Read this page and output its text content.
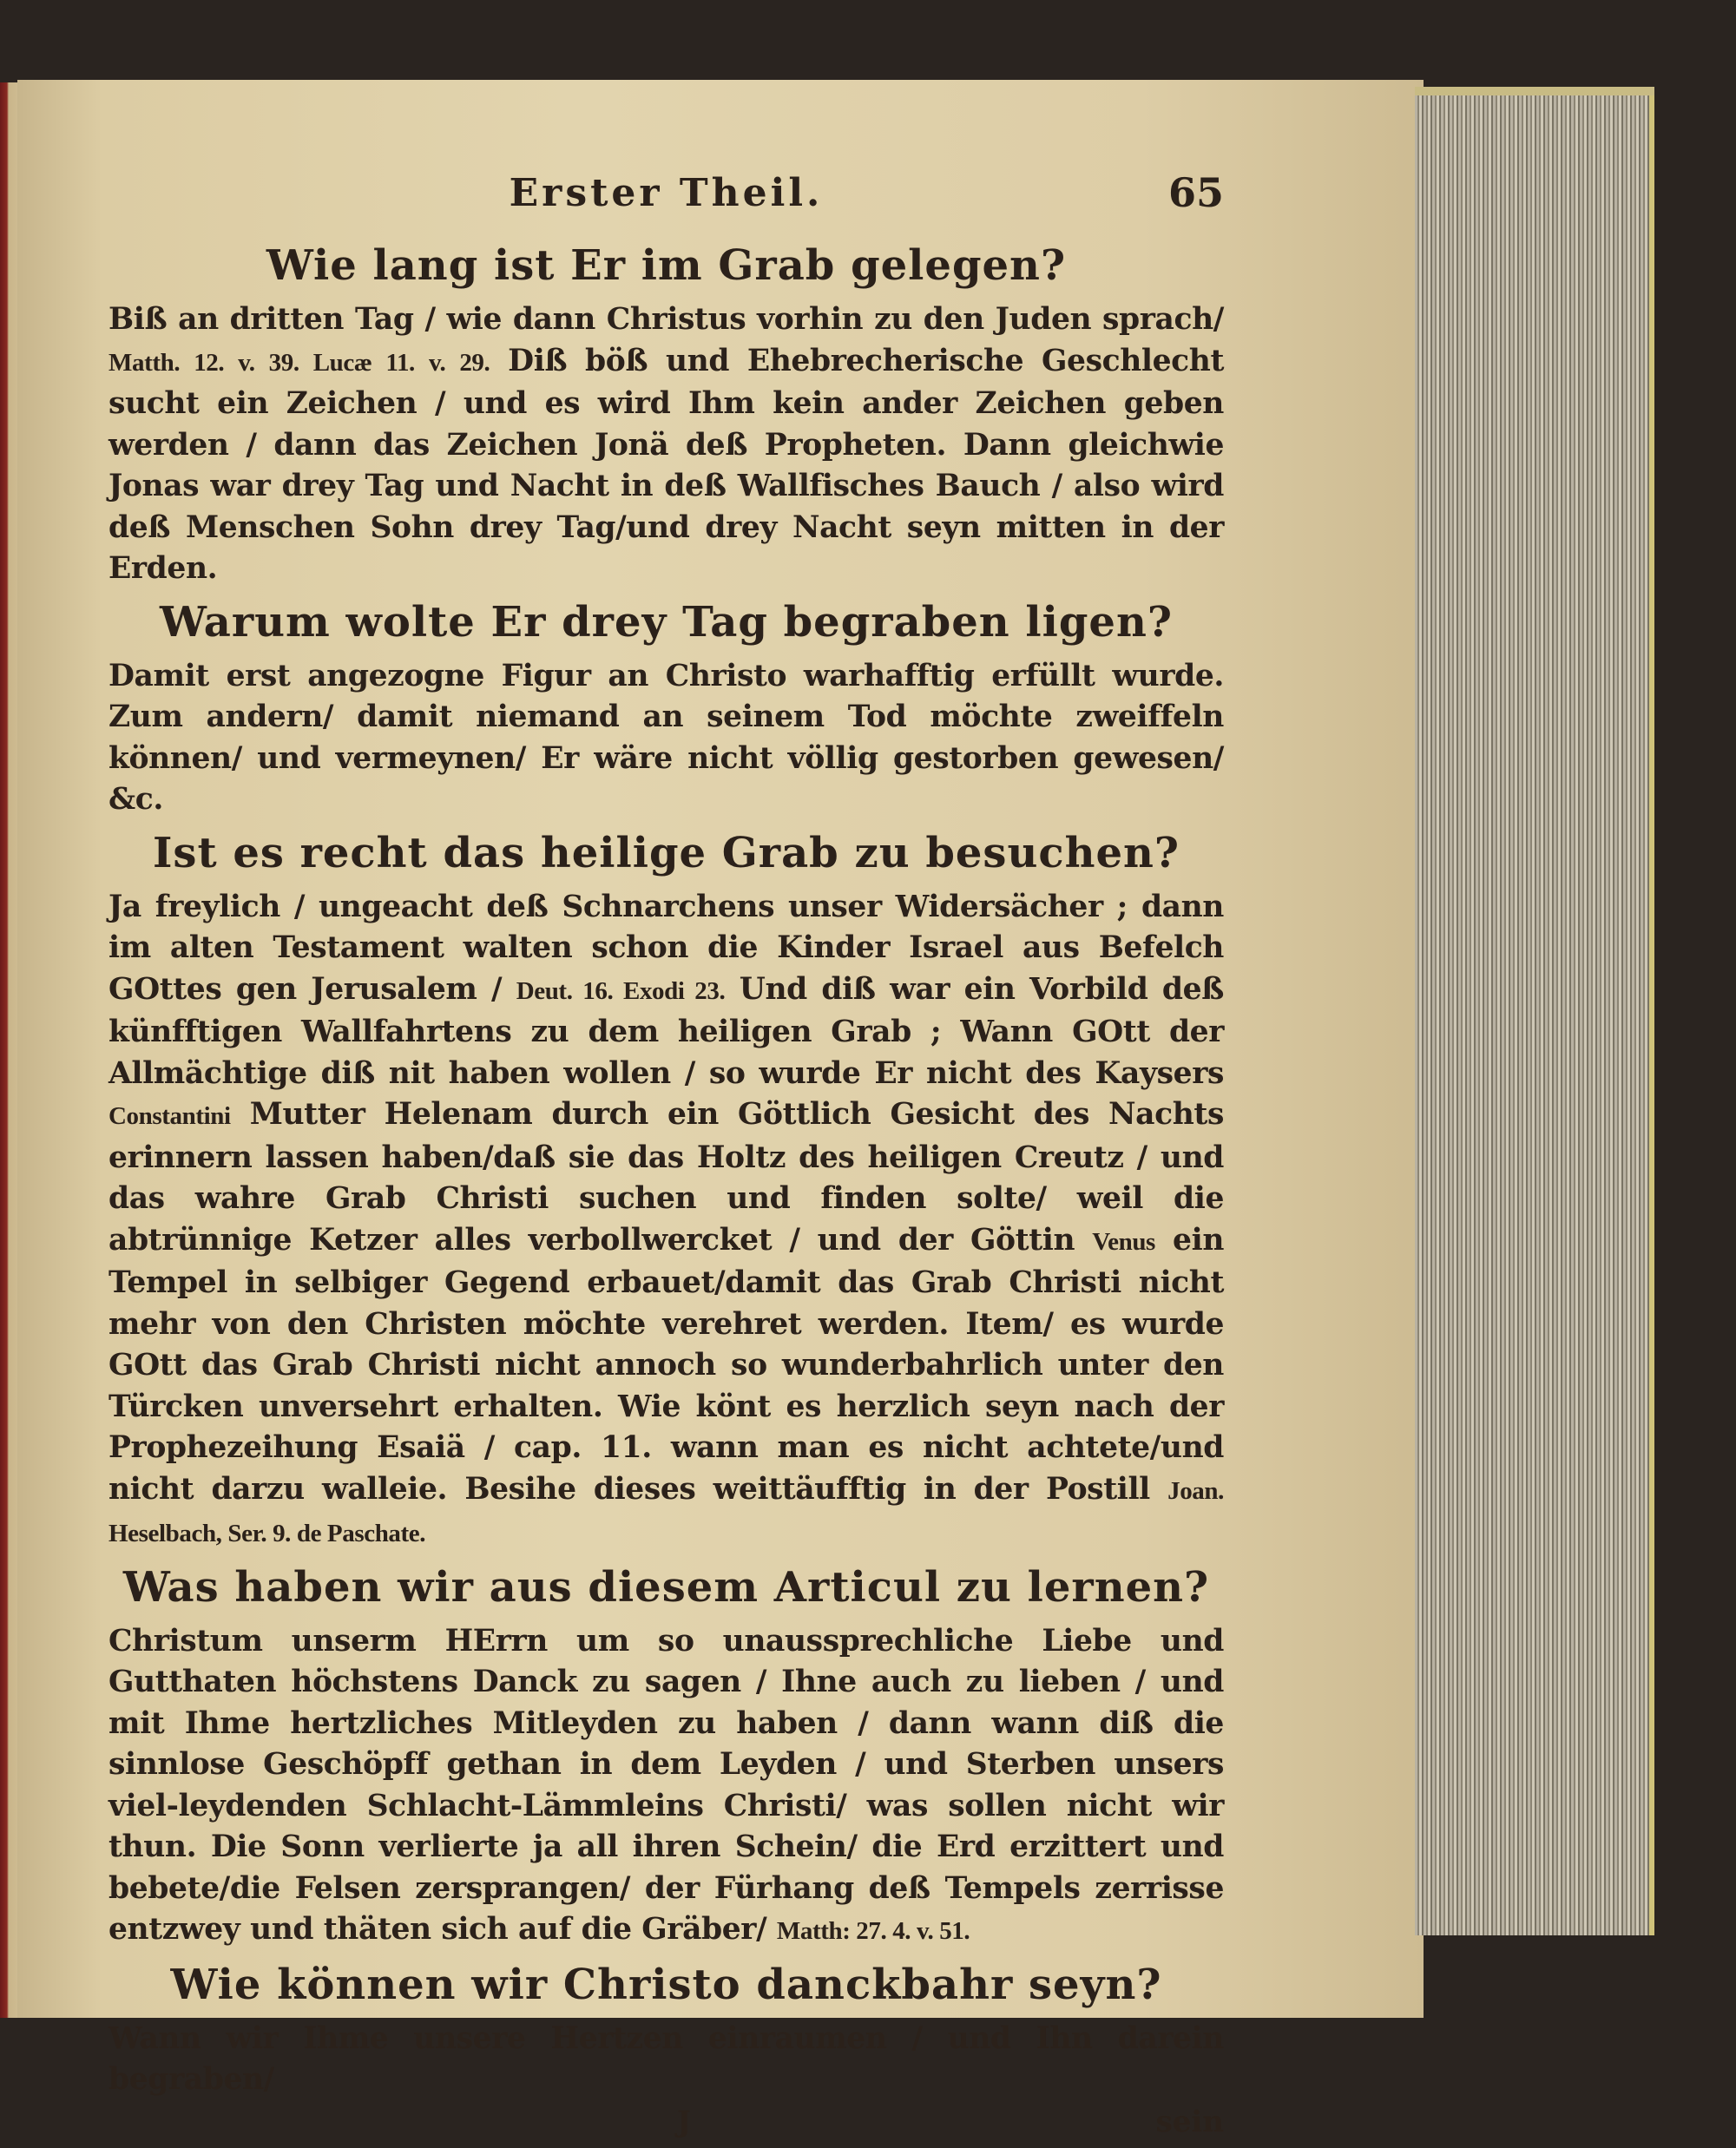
Erster Theil.	65
Wie lang ist Er im Grab gelegen?

Biß an dritten Tag / wie dann Christus vorhin zu den Juden sprach/ Matth. 12. v. 39. Lucæ 11. v. 29. Diß böß und Ehebrecherische Geschlecht sucht ein Zeichen / und es wird Ihm kein ander Zeichen geben werden / dann das Zeichen Jonä deß Propheten. Dann gleichwie Jonas war drey Tag und Nacht in deß Wallfisches Bauch / also wird deß Menschen Sohn drey Tag/und drey Nacht seyn mitten in der Erden.

Warum wolte Er drey Tag begraben ligen?

Damit erst angezogne Figur an Christo warhafftig erfüllt wurde. Zum andern/ damit niemand an seinem Tod möchte zweiffeln können/ und vermeynen/ Er wäre nicht völlig gestorben gewesen/ &c.

Ist es recht das heilige Grab zu besuchen?

Ja freylich / ungeacht deß Schnarchens unser Widersächer ; dann im alten Testament walten schon die Kinder Israel aus Befelch GOttes gen Jerusalem / Deut. 16. Exodi 23. Und diß war ein Vorbild deß künfftigen Wallfahrtens zu dem heiligen Grab ; Wann GOtt der Allmächtige diß nit haben wollen / so wurde Er nicht des Kaysers Constantini Mutter Helenam durch ein Göttlich Gesicht des Nachts erinnern lassen haben/daß sie das Holtz des heiligen Creutz / und das wahre Grab Christi suchen und finden solte/ weil die abtrünnige Ketzer alles verbollwercket / und der Göttin Venus ein Tempel in selbiger Gegend erbauet/damit das Grab Christi nicht mehr von den Christen möchte verehret werden. Item/ es wurde GOtt das Grab Christi nicht annoch so wunderbahrlich unter den Türcken unversehrt erhalten. Wie könt es herzlich seyn nach der Prophezeihung Esaiä / cap. 11. wann man es nicht achtete/und nicht darzu walleie. Besihe dieses weittäufftig in der Postill Joan. Heselbach, Ser. 9. de Paschate.

Was haben wir aus diesem Articul zu lernen?

Christum unserm HErrn um so unaussprechliche Liebe und Gutthaten höchstens Danck zu sagen / Ihne auch zu lieben / und mit Ihme hertzliches Mitleyden zu haben / dann wann diß die sinnlose Geschöpff gethan in dem Leyden / und Sterben unsers viel-leydenden Schlacht-Lämmleins Christi/ was sollen nicht wir thun. Die Sonn verlierte ja all ihren Schein/ die Erd erzittert und bebete/die Felsen zersprangen/ der Fürhang deß Tempels zerrisse entzwey und thäten sich auf die Gräber/ Matth: 27. 4. v. 51.

Wie können wir Christo danckbahr seyn?

Wann wir Ihme unsere Hertzen einraumen / und Ihn darein begraben/

J	sein
